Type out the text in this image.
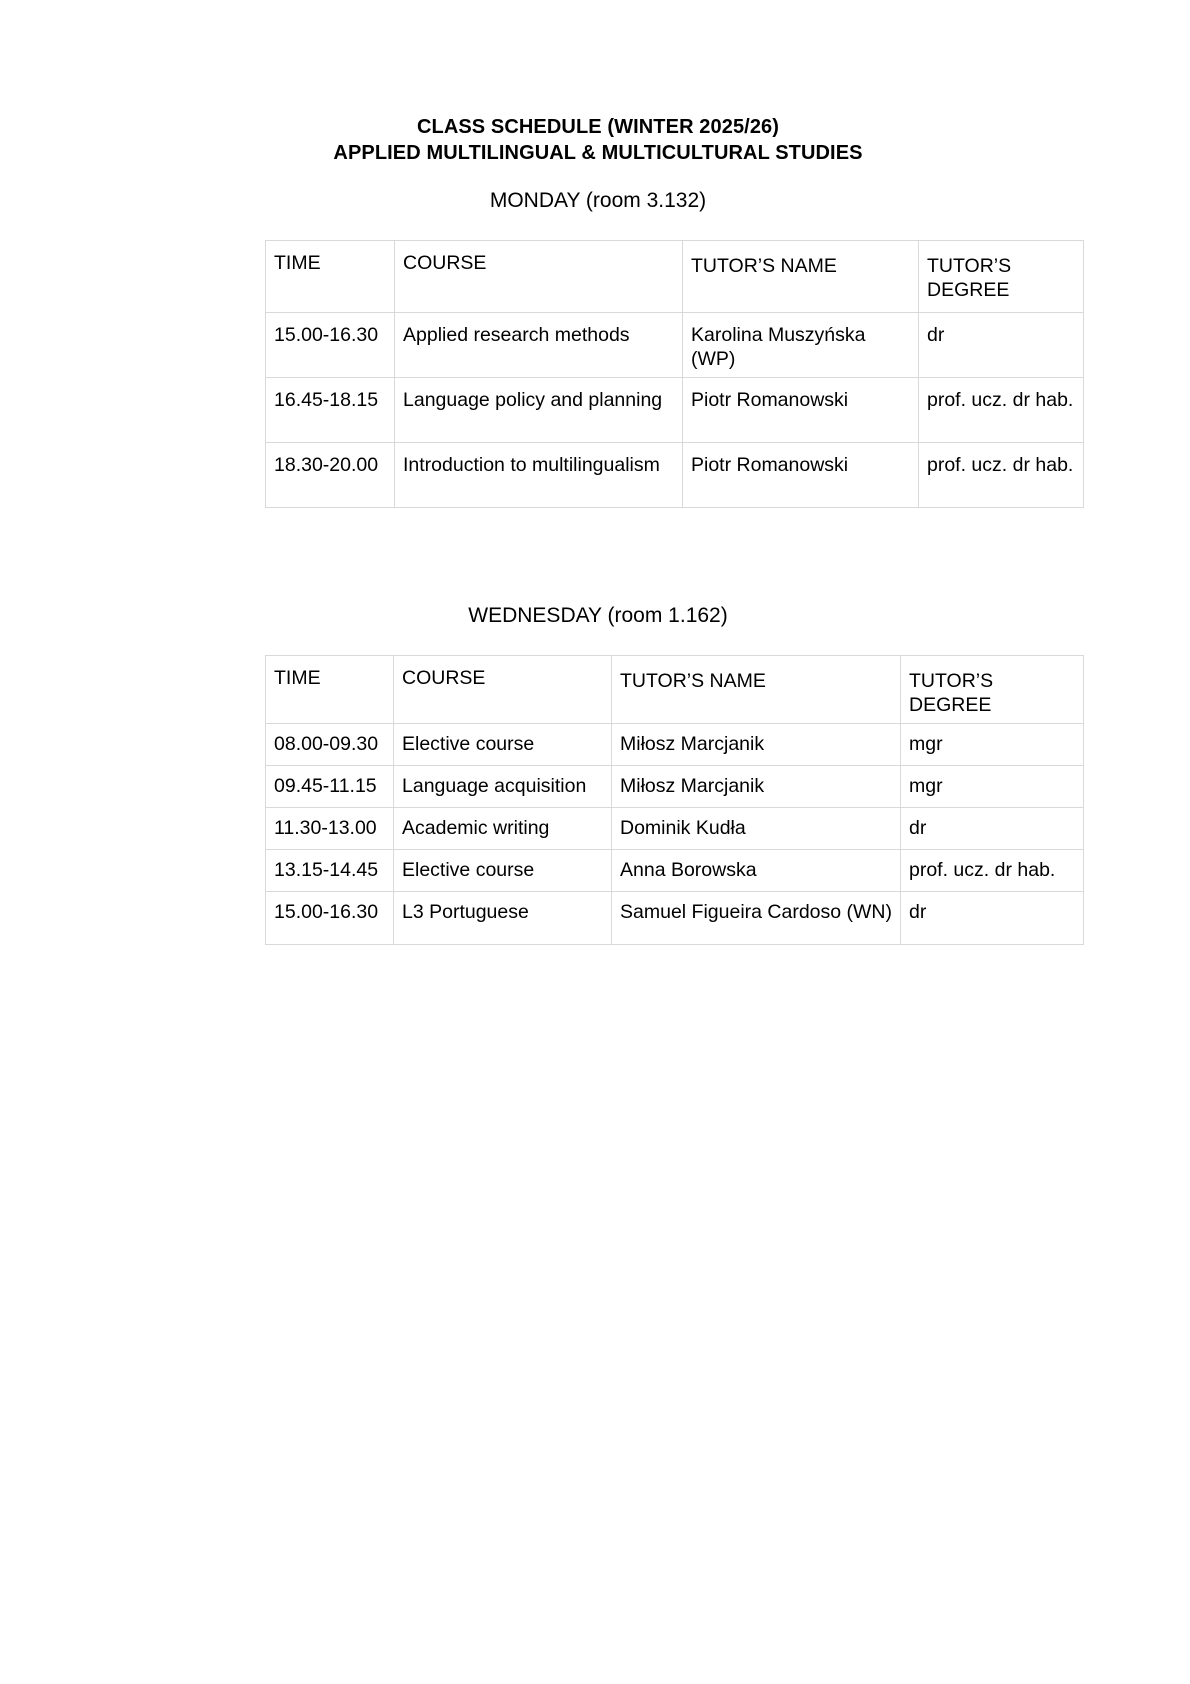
CLASS SCHEDULE (WINTER 2025/26)
APPLIED MULTILINGUAL & MULTICULTURAL STUDIES
MONDAY (room 3.132)
TIME	COURSE	TUTOR’S NAME	TUTOR’S DEGREE
15.00-16.30	Applied research methods	Karolina Muszyńska (WP)	dr
16.45-18.15	Language policy and planning	Piotr Romanowski	prof. ucz. dr hab.
18.30-20.00	Introduction to multilingualism	Piotr Romanowski	prof. ucz. dr hab.
WEDNESDAY (room 1.162)
TIME	COURSE	TUTOR’S NAME	TUTOR’S DEGREE
08.00-09.30	Elective course	Miłosz Marcjanik	mgr
09.45-11.15	Language acquisition	Miłosz Marcjanik	mgr
11.30-13.00	Academic writing	Dominik Kudła	dr
13.15-14.45	Elective course	Anna Borowska	prof. ucz. dr hab.
15.00-16.30	L3 Portuguese	Samuel Figueira Cardoso (WN)	dr
